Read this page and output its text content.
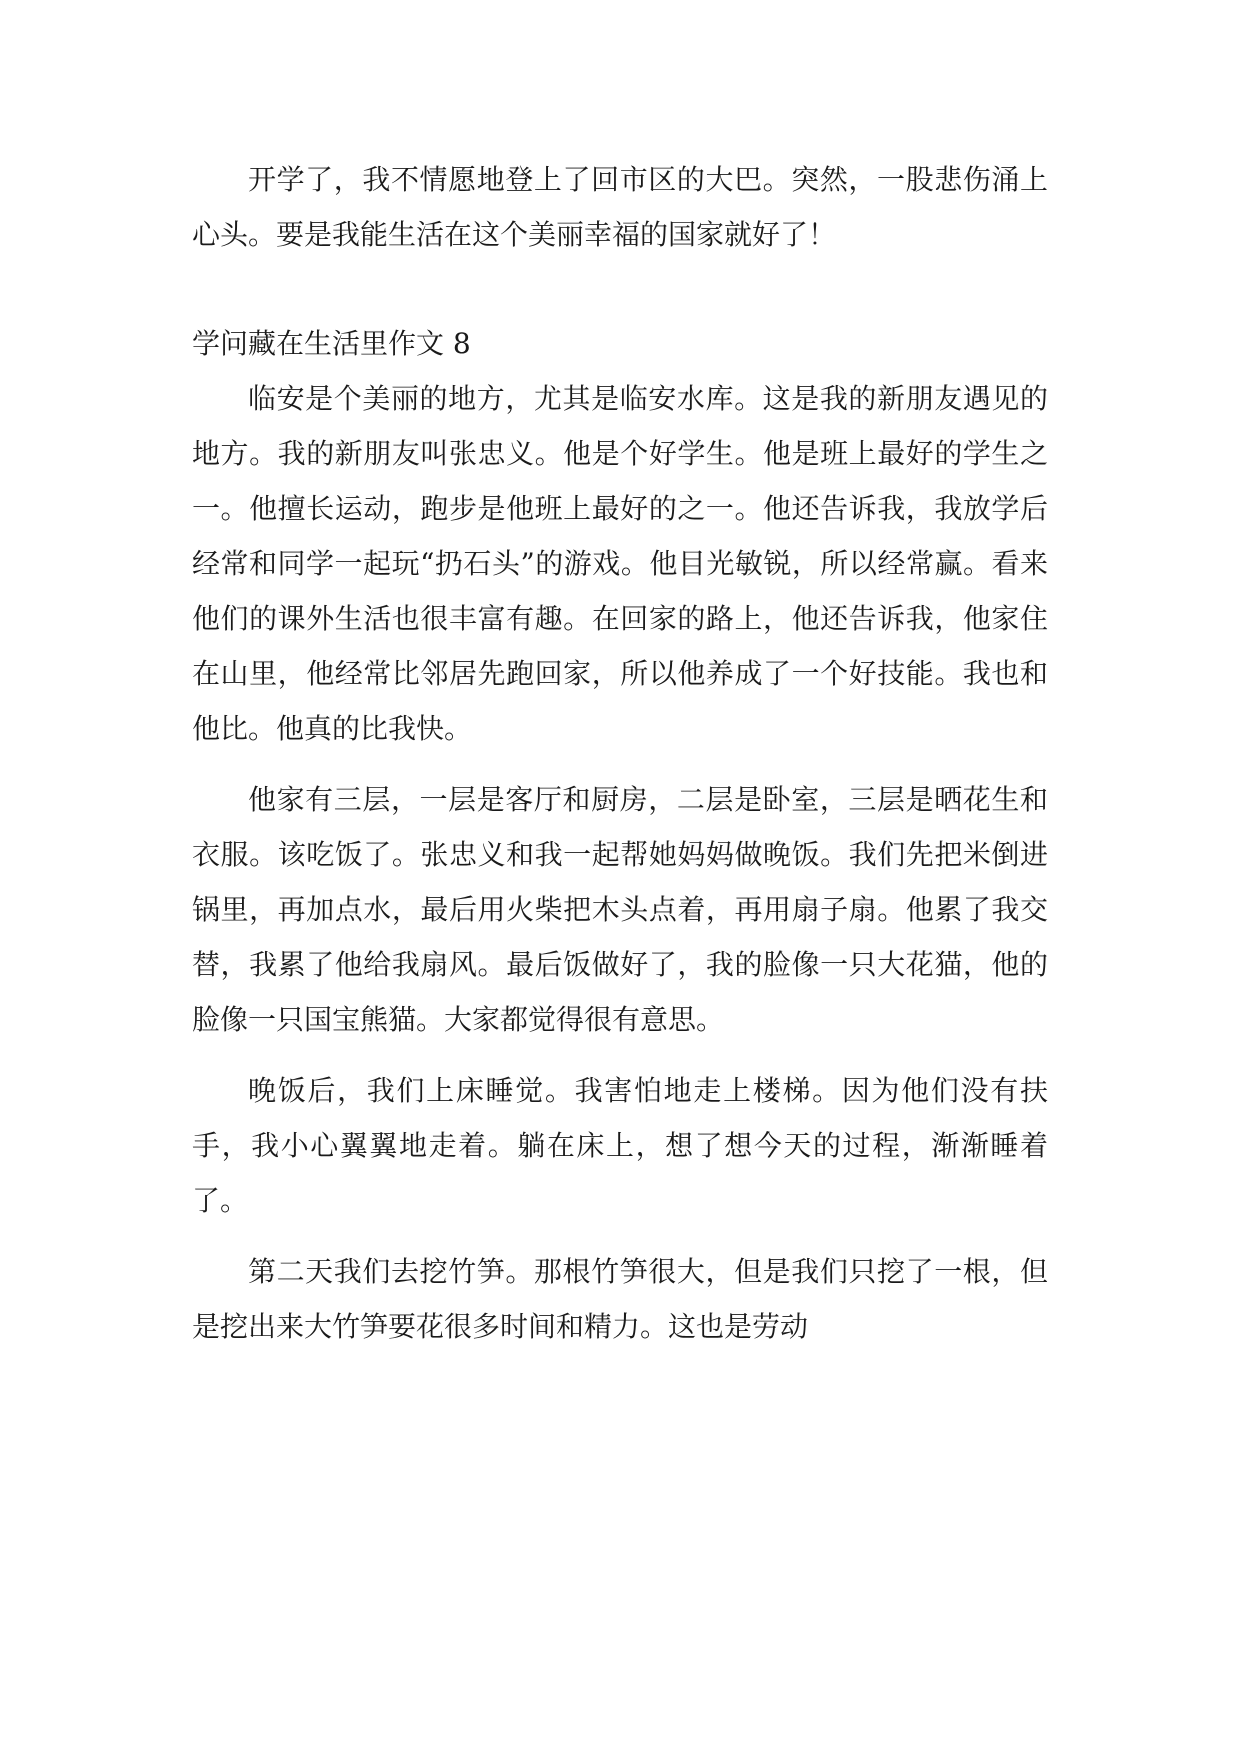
开学了，我不情愿地登上了回市区的大巴。突然，一股悲伤涌上心头。要是我能生活在这个美丽幸福的国家就好了！

学问藏在生活里作文 8

临安是个美丽的地方，尤其是临安水库。这是我的新朋友遇见的地方。我的新朋友叫张忠义。他是个好学生。他是班上最好的学生之一。他擅长运动，跑步是他班上最好的之一。他还告诉我，我放学后经常和同学一起玩“扔石头”的游戏。他目光敏锐，所以经常赢。看来他们的课外生活也很丰富有趣。在回家的路上，他还告诉我，他家住在山里，他经常比邻居先跑回家，所以他养成了一个好技能。我也和他比。他真的比我快。

他家有三层，一层是客厅和厨房，二层是卧室，三层是晒花生和衣服。该吃饭了。张忠义和我一起帮她妈妈做晚饭。我们先把米倒进锅里，再加点水，最后用火柴把木头点着，再用扇子扇。他累了我交替，我累了他给我扇风。最后饭做好了，我的脸像一只大花猫，他的脸像一只国宝熊猫。大家都觉得很有意思。

晚饭后，我们上床睡觉。我害怕地走上楼梯。因为他们没有扶手，我小心翼翼地走着。躺在床上，想了想今天的过程，渐渐睡着了。

第二天我们去挖竹笋。那根竹笋很大，但是我们只挖了一根，但是挖出来大竹笋要花很多时间和精力。这也是劳动
